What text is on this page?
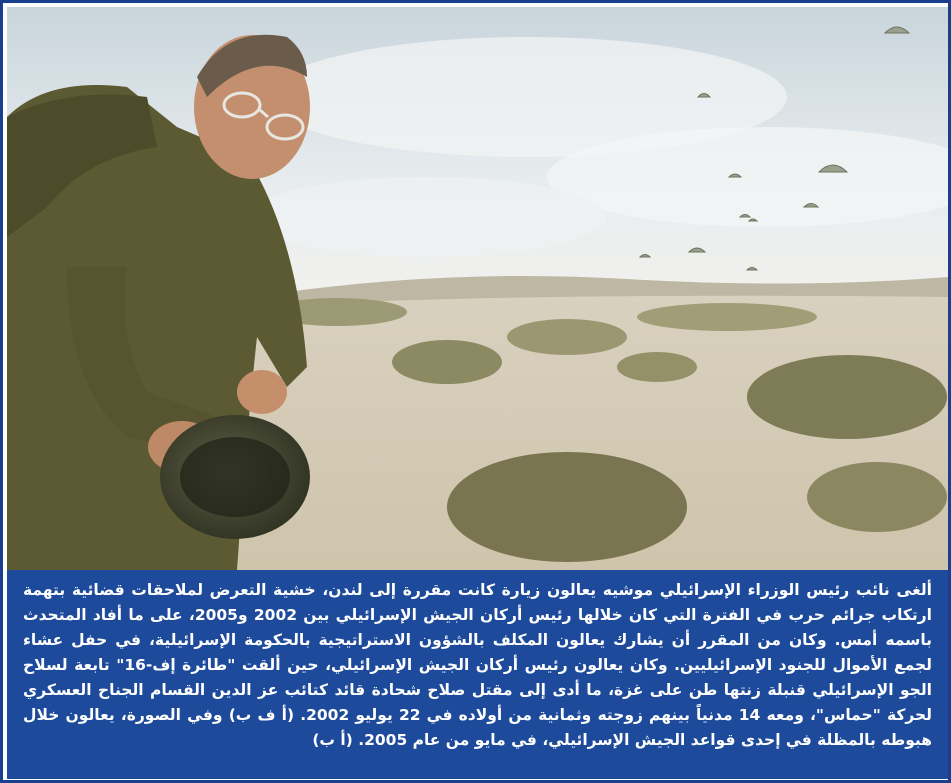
ألغى نائب رئيس الوزراء الإسرائيلي موشيه يعالون زيارة كانت مقررة إلى لندن، خشية التعرض لملاحقات قضائية بتهمة ارتكاب جرائم حرب في الفترة التي كان خلالها رئيس أركان الجيش الإسرائيلي بين 2002 و2005، على ما أفاد المتحدث باسمه أمس. وكان من المقرر أن يشارك يعالون المكلف بالشؤون الاستراتيجية بالحكومة الإسرائيلية، في حفل عشاء لجمع الأموال للجنود الإسرائيليين. وكان يعالون رئيس أركان الجيش الإسرائيلي، حين ألقت "طائرة إف-16" تابعة لسلاح الجو الإسرائيلي قنبلة زنتها طن على غزة، ما أدى إلى مقتل صلاح شحادة قائد كتائب عز الدين القسام الجناح العسكري لحركة "حماس"، ومعه 14 مدنياً بينهم زوجته وثمانية من أولاده في 22 يوليو 2002. (أ ف ب) وفي الصورة، يعالون خلال هبوطه بالمظلة في إحدى قواعد الجيش الإسرائيلي، في مايو من عام 2005. (أ ب)
